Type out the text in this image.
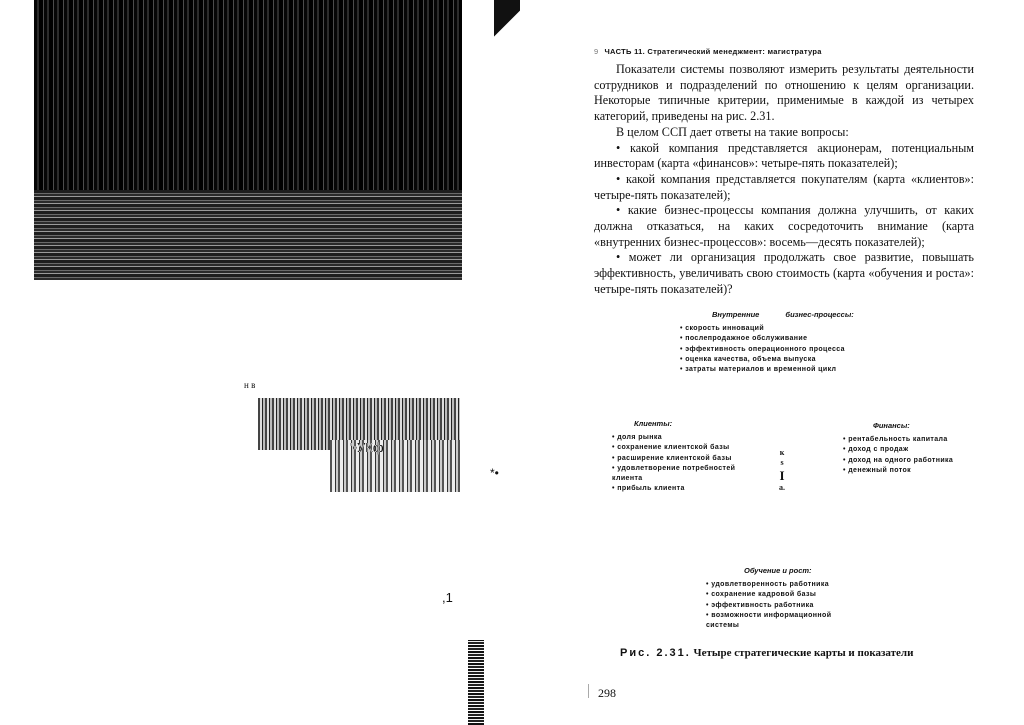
н в
'•УКф
*•
,1
9 ЧАСТЬ 11. Стратегический менеджмент: магистратура

Показатели системы позволяют измерить результаты деятельности сотрудников и подразделений по отношению к целям организации. Некоторые типичные критерии, применимые в каждой из четырех категорий, приведены на рис. 2.31.

В целом ССП дает ответы на такие вопросы:

• какой компания представляется акционерам, потенциальным инвесторам (карта «финансов»: четыре-пять показателей);

• какой компания представляется покупателям (карта «клиентов»: четыре-пять показателей);

• какие бизнес-процессы компания должна улучшить, от каких должна отказаться, на каких сосредоточить внимание (карта «внутренних бизнес-процессов»: восемь—десять показателей);

• может ли организация продолжать свое развитие, повышать эффективность, увеличивать свою стоимость (карта «обучения и роста»: четыре-пять показателей)?

Внутренние бизнес-процессы:
• скорость инноваций
• послепродажное обслуживание
• эффективность операционного процесса
• оценка качества, объема выпуска
• затраты материалов и временной цикл
Клиенты:
• доля рынка
• сохранение клиентской базы
• расширение клиентской базы
• удовлетворение потребностей клиента
• прибыль клиента
к
s
I
а.
Финансы:
• рентабельность капитала
• доход с продаж
• доход на одного работника
• денежный поток
Обучение и рост:
• удовлетворенность работника
• сохранение кадровой базы
• эффективность работника
• возможности информационной системы
Рис. 2.31. Четыре стратегические карты и показатели
298
